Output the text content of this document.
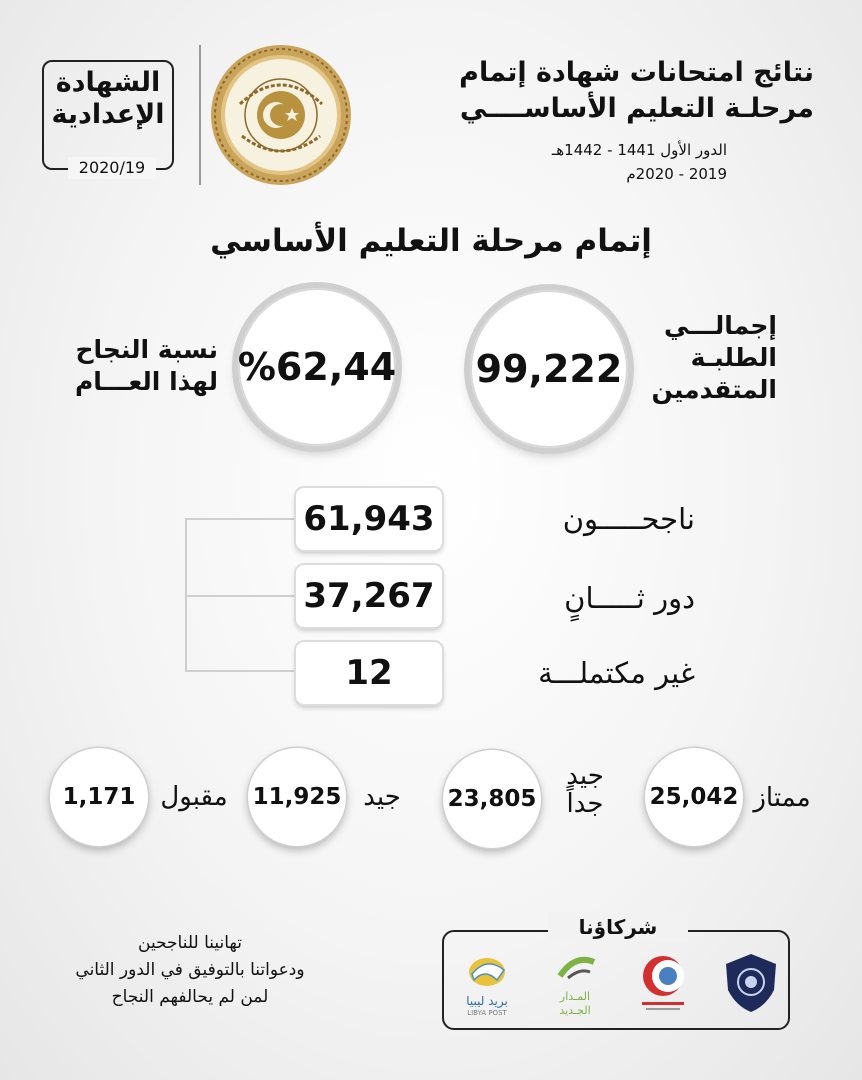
الشهادة
الإعدادية
2020/19
نتائج امتحانات شهادة إتمام
مرحلـة التعليم الأساســــي
الدور الأول 1441 - 1442هـ
2019 - 2020م
إتمام مرحلة التعليم الأساسي
99,222
إجمالـــي
الطلبـة
المتقدمين
%62,44
نسبة النجاح
لهذا العـــام
61,943	ناجحـــــون
37,267	دور ثـــــانٍ
12	غير مكتملـــة
25,042 ممتاز
23,805
جيد
جداً
11,925 جيد
1,171 مقبول
تهانينا للناجحين
ودعواتنا بالتوفيق في الدور الثاني
لمن لم يحالفهم النجاح	بريد ليبيا
LIBYA POST
المـدار
الجـديد
شركاؤنا
